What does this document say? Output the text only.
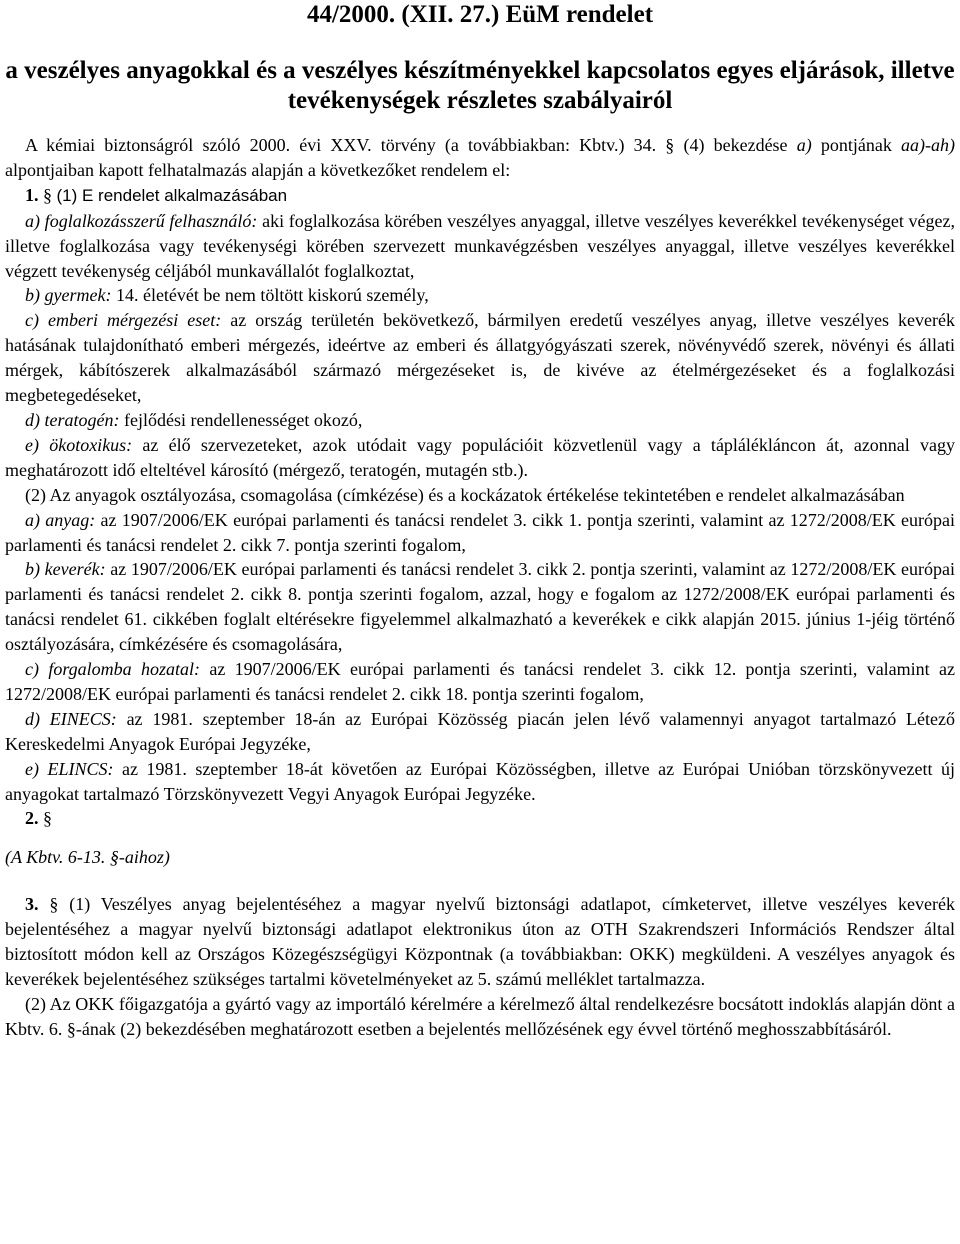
44/2000. (XII. 27.) EüM rendelet
a veszélyes anyagokkal és a veszélyes készítményekkel kapcsolatos egyes eljárások, illetve tevékenységek részletes szabályairól

A kémiai biztonságról szóló 2000. évi XXV. törvény (a továbbiakban: Kbtv.) 34. § (4) bekezdése a) pontjának aa)-ah) alpontjaiban kapott felhatalmazás alapján a következőket rendelem el:

1. § (1) E rendelet alkalmazásában

a) foglalkozásszerű felhasználó: aki foglalkozása körében veszélyes anyaggal, illetve veszélyes keverékkel tevékenységet végez, illetve foglalkozása vagy tevékenységi körében szervezett munkavégzésben veszélyes anyaggal, illetve veszélyes keverékkel végzett tevékenység céljából munkavállalót foglalkoztat,

b) gyermek: 14. életévét be nem töltött kiskorú személy,

c) emberi mérgezési eset: az ország területén bekövetkező, bármilyen eredetű veszélyes anyag, illetve veszélyes keverék hatásának tulajdonítható emberi mérgezés, ideértve az emberi és állatgyógyászati szerek, növényvédő szerek, növényi és állati mérgek, kábítószerek alkalmazásából származó mérgezéseket is, de kivéve az ételmérgezéseket és a foglalkozási megbetegedéseket,

d) teratogén: fejlődési rendellenességet okozó,

e) ökotoxikus: az élő szervezeteket, azok utódait vagy populációit közvetlenül vagy a táplálékláncon át, azonnal vagy meghatározott idő elteltével károsító (mérgező, teratogén, mutagén stb.).

(2) Az anyagok osztályozása, csomagolása (címkézése) és a kockázatok értékelése tekintetében e rendelet alkalmazásában

a) anyag: az 1907/2006/EK európai parlamenti és tanácsi rendelet 3. cikk 1. pontja szerinti, valamint az 1272/2008/EK európai parlamenti és tanácsi rendelet 2. cikk 7. pontja szerinti fogalom,

b) keverék: az 1907/2006/EK európai parlamenti és tanácsi rendelet 3. cikk 2. pontja szerinti, valamint az 1272/2008/EK európai parlamenti és tanácsi rendelet 2. cikk 8. pontja szerinti fogalom, azzal, hogy e fogalom az 1272/2008/EK európai parlamenti és tanácsi rendelet 61. cikkében foglalt eltérésekre figyelemmel alkalmazható a keverékek e cikk alapján 2015. június 1-jéig történő osztályozására, címkézésére és csomagolására,

c) forgalomba hozatal: az 1907/2006/EK európai parlamenti és tanácsi rendelet 3. cikk 12. pontja szerinti, valamint az 1272/2008/EK európai parlamenti és tanácsi rendelet 2. cikk 18. pontja szerinti fogalom,

d) EINECS: az 1981. szeptember 18-án az Európai Közösség piacán jelen lévő valamennyi anyagot tartalmazó Létező Kereskedelmi Anyagok Európai Jegyzéke,

e) ELINCS: az 1981. szeptember 18-át követően az Európai Közösségben, illetve az Európai Unióban törzskönyvezett új anyagokat tartalmazó Törzskönyvezett Vegyi Anyagok Európai Jegyzéke.

2. §

(A Kbtv. 6-13. §-aihoz)

3. § (1) Veszélyes anyag bejelentéséhez a magyar nyelvű biztonsági adatlapot, címketervet, illetve veszélyes keverék bejelentéséhez a magyar nyelvű biztonsági adatlapot elektronikus úton az OTH Szakrendszeri Információs Rendszer által biztosított módon kell az Országos Közegészségügyi Központnak (a továbbiakban: OKK) megküldeni. A veszélyes anyagok és keverékek bejelentéséhez szükséges tartalmi követelményeket az 5. számú melléklet tartalmazza.

(2) Az OKK főigazgatója a gyártó vagy az importáló kérelmére a kérelmező által rendelkezésre bocsátott indoklás alapján dönt a Kbtv. 6. §-ának (2) bekezdésében meghatározott esetben a bejelentés mellőzésének egy évvel történő meghosszabbításáról.
